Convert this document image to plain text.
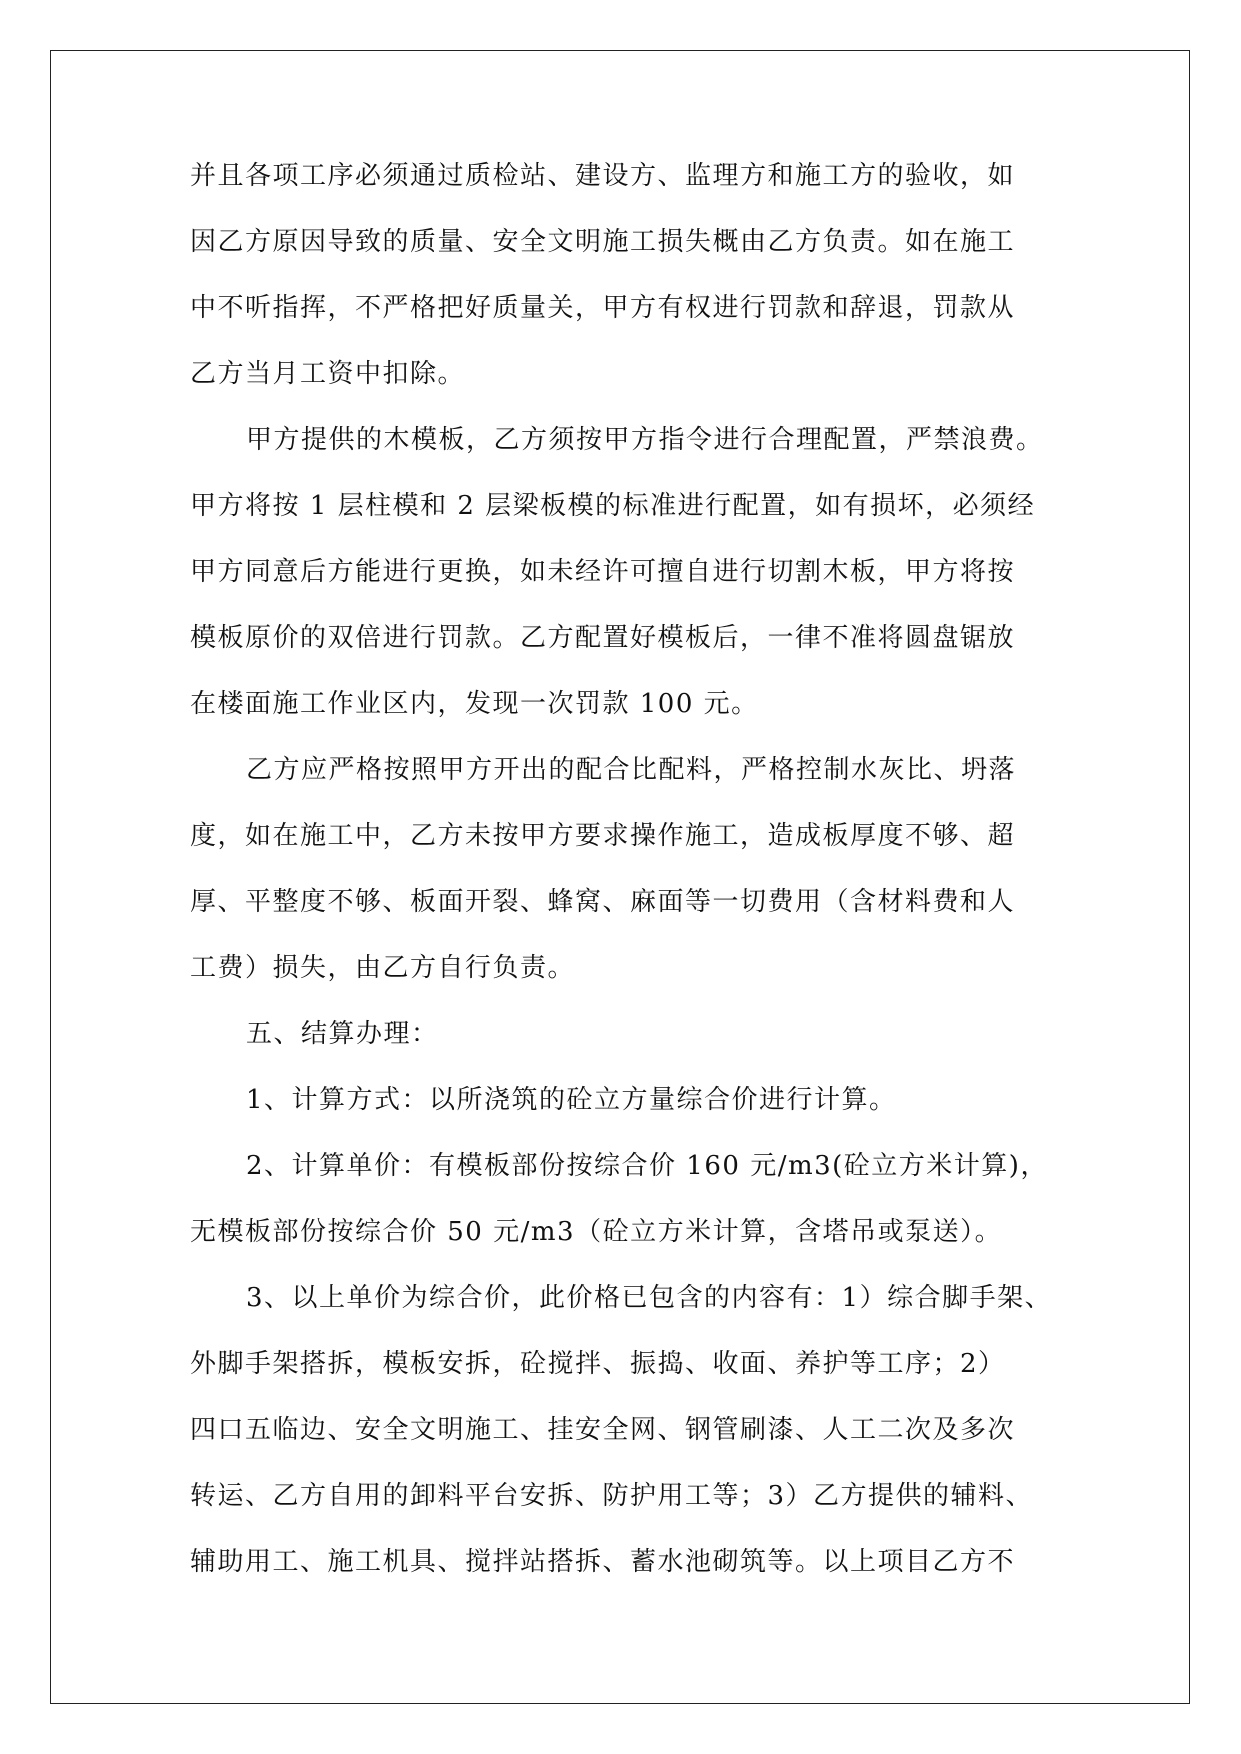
并且各项工序必须通过质检站、建设方、监理方和施工方的验收，如
因乙方原因导致的质量、安全文明施工损失概由乙方负责。如在施工
中不听指挥，不严格把好质量关，甲方有权进行罚款和辞退，罚款从
乙方当月工资中扣除。
甲方提供的木模板，乙方须按甲方指令进行合理配置，严禁浪费。
甲方将按 1 层柱模和 2 层梁板模的标准进行配置，如有损坏，必须经
甲方同意后方能进行更换，如未经许可擅自进行切割木板，甲方将按
模板原价的双倍进行罚款。乙方配置好模板后，一律不准将圆盘锯放
在楼面施工作业区内，发现一次罚款 100 元。
乙方应严格按照甲方开出的配合比配料，严格控制水灰比、坍落
度，如在施工中，乙方未按甲方要求操作施工，造成板厚度不够、超
厚、平整度不够、板面开裂、蜂窝、麻面等一切费用（含材料费和人
工费）损失，由乙方自行负责。
五、结算办理：
1、计算方式：以所浇筑的砼立方量综合价进行计算。
2、计算单价：有模板部份按综合价 160 元/m3(砼立方米计算)，
无模板部份按综合价 50 元/m3（砼立方米计算，含塔吊或泵送）。
3、以上单价为综合价，此价格已包含的内容有：1）综合脚手架、
外脚手架搭拆，模板安拆，砼搅拌、振捣、收面、养护等工序；2）
四口五临边、安全文明施工、挂安全网、钢管刷漆、人工二次及多次
转运、乙方自用的卸料平台安拆、防护用工等；3）乙方提供的辅料、
辅助用工、施工机具、搅拌站搭拆、蓄水池砌筑等。以上项目乙方不
